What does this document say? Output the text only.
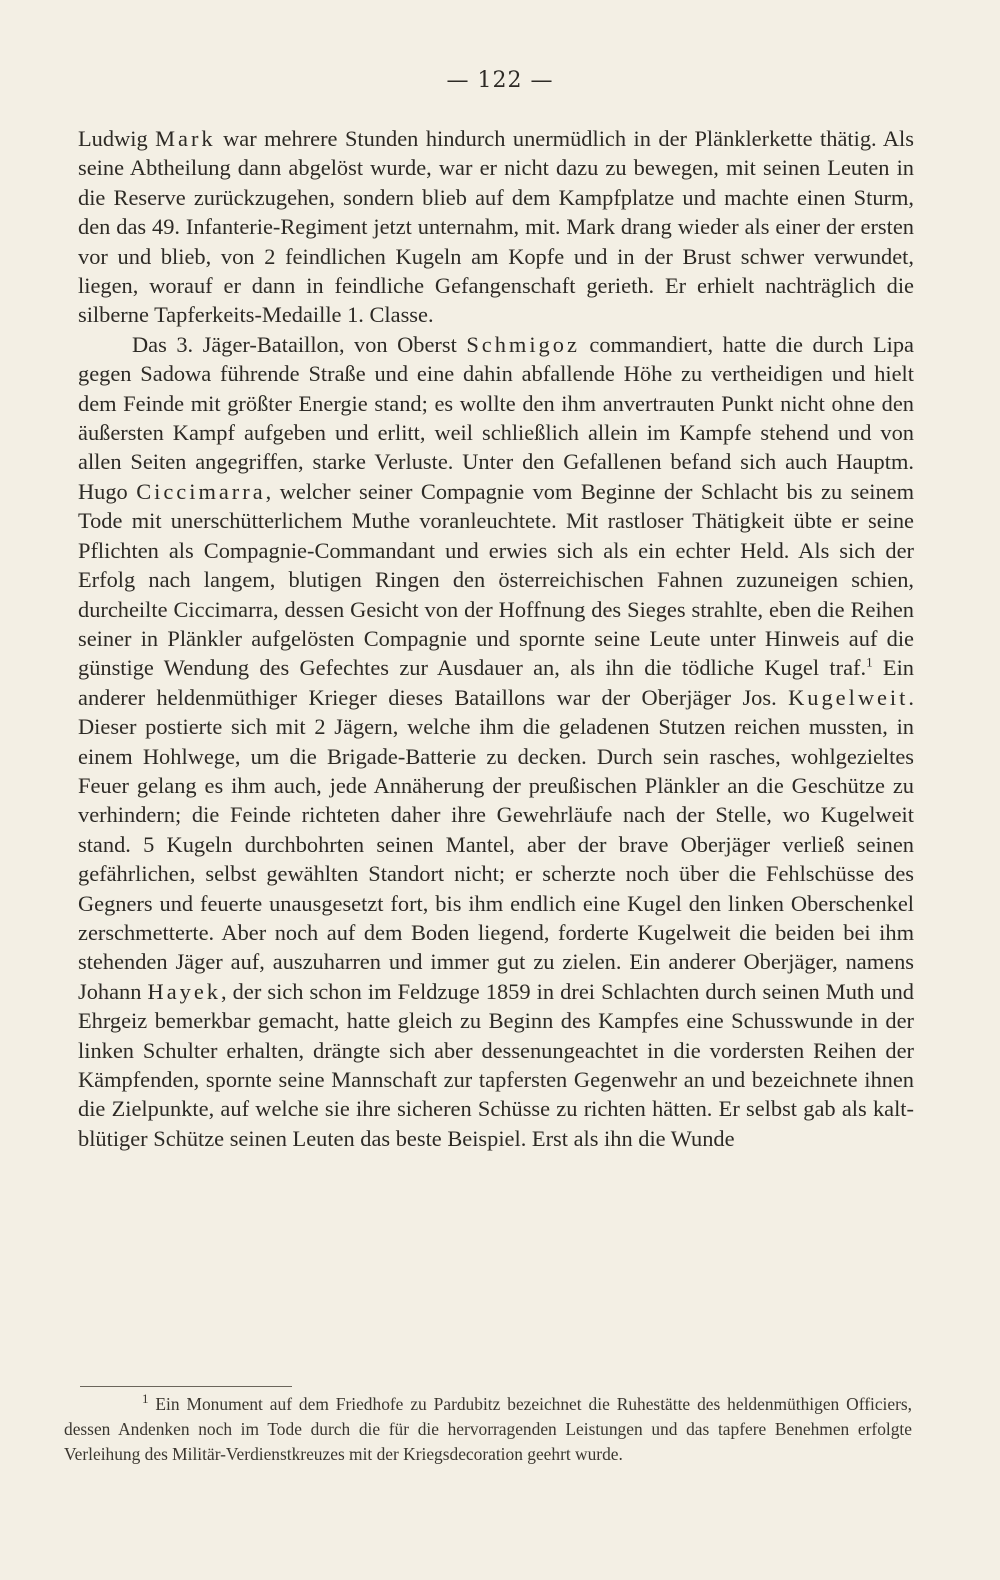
— 122 —

Ludwig Mark war mehrere Stunden hindurch unermüdlich in der Plänklerkette thätig. Als seine Abtheilung dann abgelöst wurde, war er nicht dazu zu bewegen, mit seinen Leuten in die Reserve zurückzugehen, sondern blieb auf dem Kampfplatze und machte einen Sturm, den das 49. Infanterie-Regiment jetzt unternahm, mit. Mark drang wieder als einer der ersten vor und blieb, von 2 feindlichen Kugeln am Kopfe und in der Brust schwer verwundet, liegen, worauf er dann in feindliche Gefangenschaft gerieth. Er erhielt nachträglich die silberne Tapferkeits-Medaille 1. Classe.

Das 3. Jäger-Bataillon, von Oberst Schmigoz commandiert, hatte die durch Lipa gegen Sadowa führende Straße und eine dahin abfallende Höhe zu vertheidigen und hielt dem Feinde mit größter Energie stand; es wollte den ihm anvertrauten Punkt nicht ohne den äußersten Kampf aufgeben und erlitt, weil schließlich allein im Kampfe stehend und von allen Seiten angegriffen, starke Verluste. Unter den Gefallenen befand sich auch Hauptm. Hugo Ciccimarra, welcher seiner Compagnie vom Beginne der Schlacht bis zu seinem Tode mit unerschütterlichem Muthe voranleuchtete. Mit rastloser Thätigkeit übte er seine Pflichten als Compagnie-Commandant und erwies sich als ein echter Held. Als sich der Erfolg nach langem, blutigen Ringen den österreichischen Fahnen zuzuneigen schien, durcheilte Ciccimarra, dessen Gesicht von der Hoffnung des Sieges strahlte, eben die Reihen seiner in Plänkler aufgelösten Compagnie und spornte seine Leute unter Hinweis auf die günstige Wendung des Gefechtes zur Ausdauer an, als ihn die tödliche Kugel traf.$^1$ Ein anderer heldenmüthiger Krieger dieses Bataillons war der Oberjäger Jos. Kugelweit. Dieser postierte sich mit 2 Jägern, welche ihm die geladenen Stutzen reichen mussten, in einem Hohlwege, um die Brigade-Batterie zu decken. Durch sein rasches, wohlgezieltes Feuer gelang es ihm auch, jede Annäherung der preußischen Plänkler an die Geschütze zu verhindern; die Feinde richteten daher ihre Gewehrläufe nach der Stelle, wo Kugelweit stand. 5 Kugeln durchbohrten seinen Mantel, aber der brave Oberjäger verließ seinen gefährlichen, selbst gewählten Standort nicht; er scherzte noch über die Fehlschüsse des Gegners und feuerte unausgesetzt fort, bis ihm endlich eine Kugel den linken Oberschenkel zerschmetterte. Aber noch auf dem Boden liegend, forderte Kugelweit die beiden bei ihm stehenden Jäger auf, auszuharren und immer gut zu zielen. Ein anderer Oberjäger, namens Johann Hayek, der sich schon im Feldzuge 1859 in drei Schlachten durch seinen Muth und Ehrgeiz bemerkbar gemacht, hatte gleich zu Beginn des Kampfes eine Schusswunde in der linken Schulter erhalten, drängte sich aber dessenungeachtet in die vordersten Reihen der Kämpfenden, spornte seine Mannschaft zur tapfersten Gegenwehr an und bezeichnete ihnen die Zielpunkte, auf welche sie ihre sicheren Schüsse zu richten hätten. Er selbst gab als kaltblütiger Schütze seinen Leuten das beste Beispiel. Erst als ihn die Wunde

$^1$ Ein Monument auf dem Friedhofe zu Pardubitz bezeichnet die Ruhestätte des heldenmüthigen Officiers, dessen Andenken noch im Tode durch die für die hervorragenden Leistungen und das tapfere Benehmen erfolgte Verleihung des Militär-Verdienstkreuzes mit der Kriegsdecoration geehrt wurde.
